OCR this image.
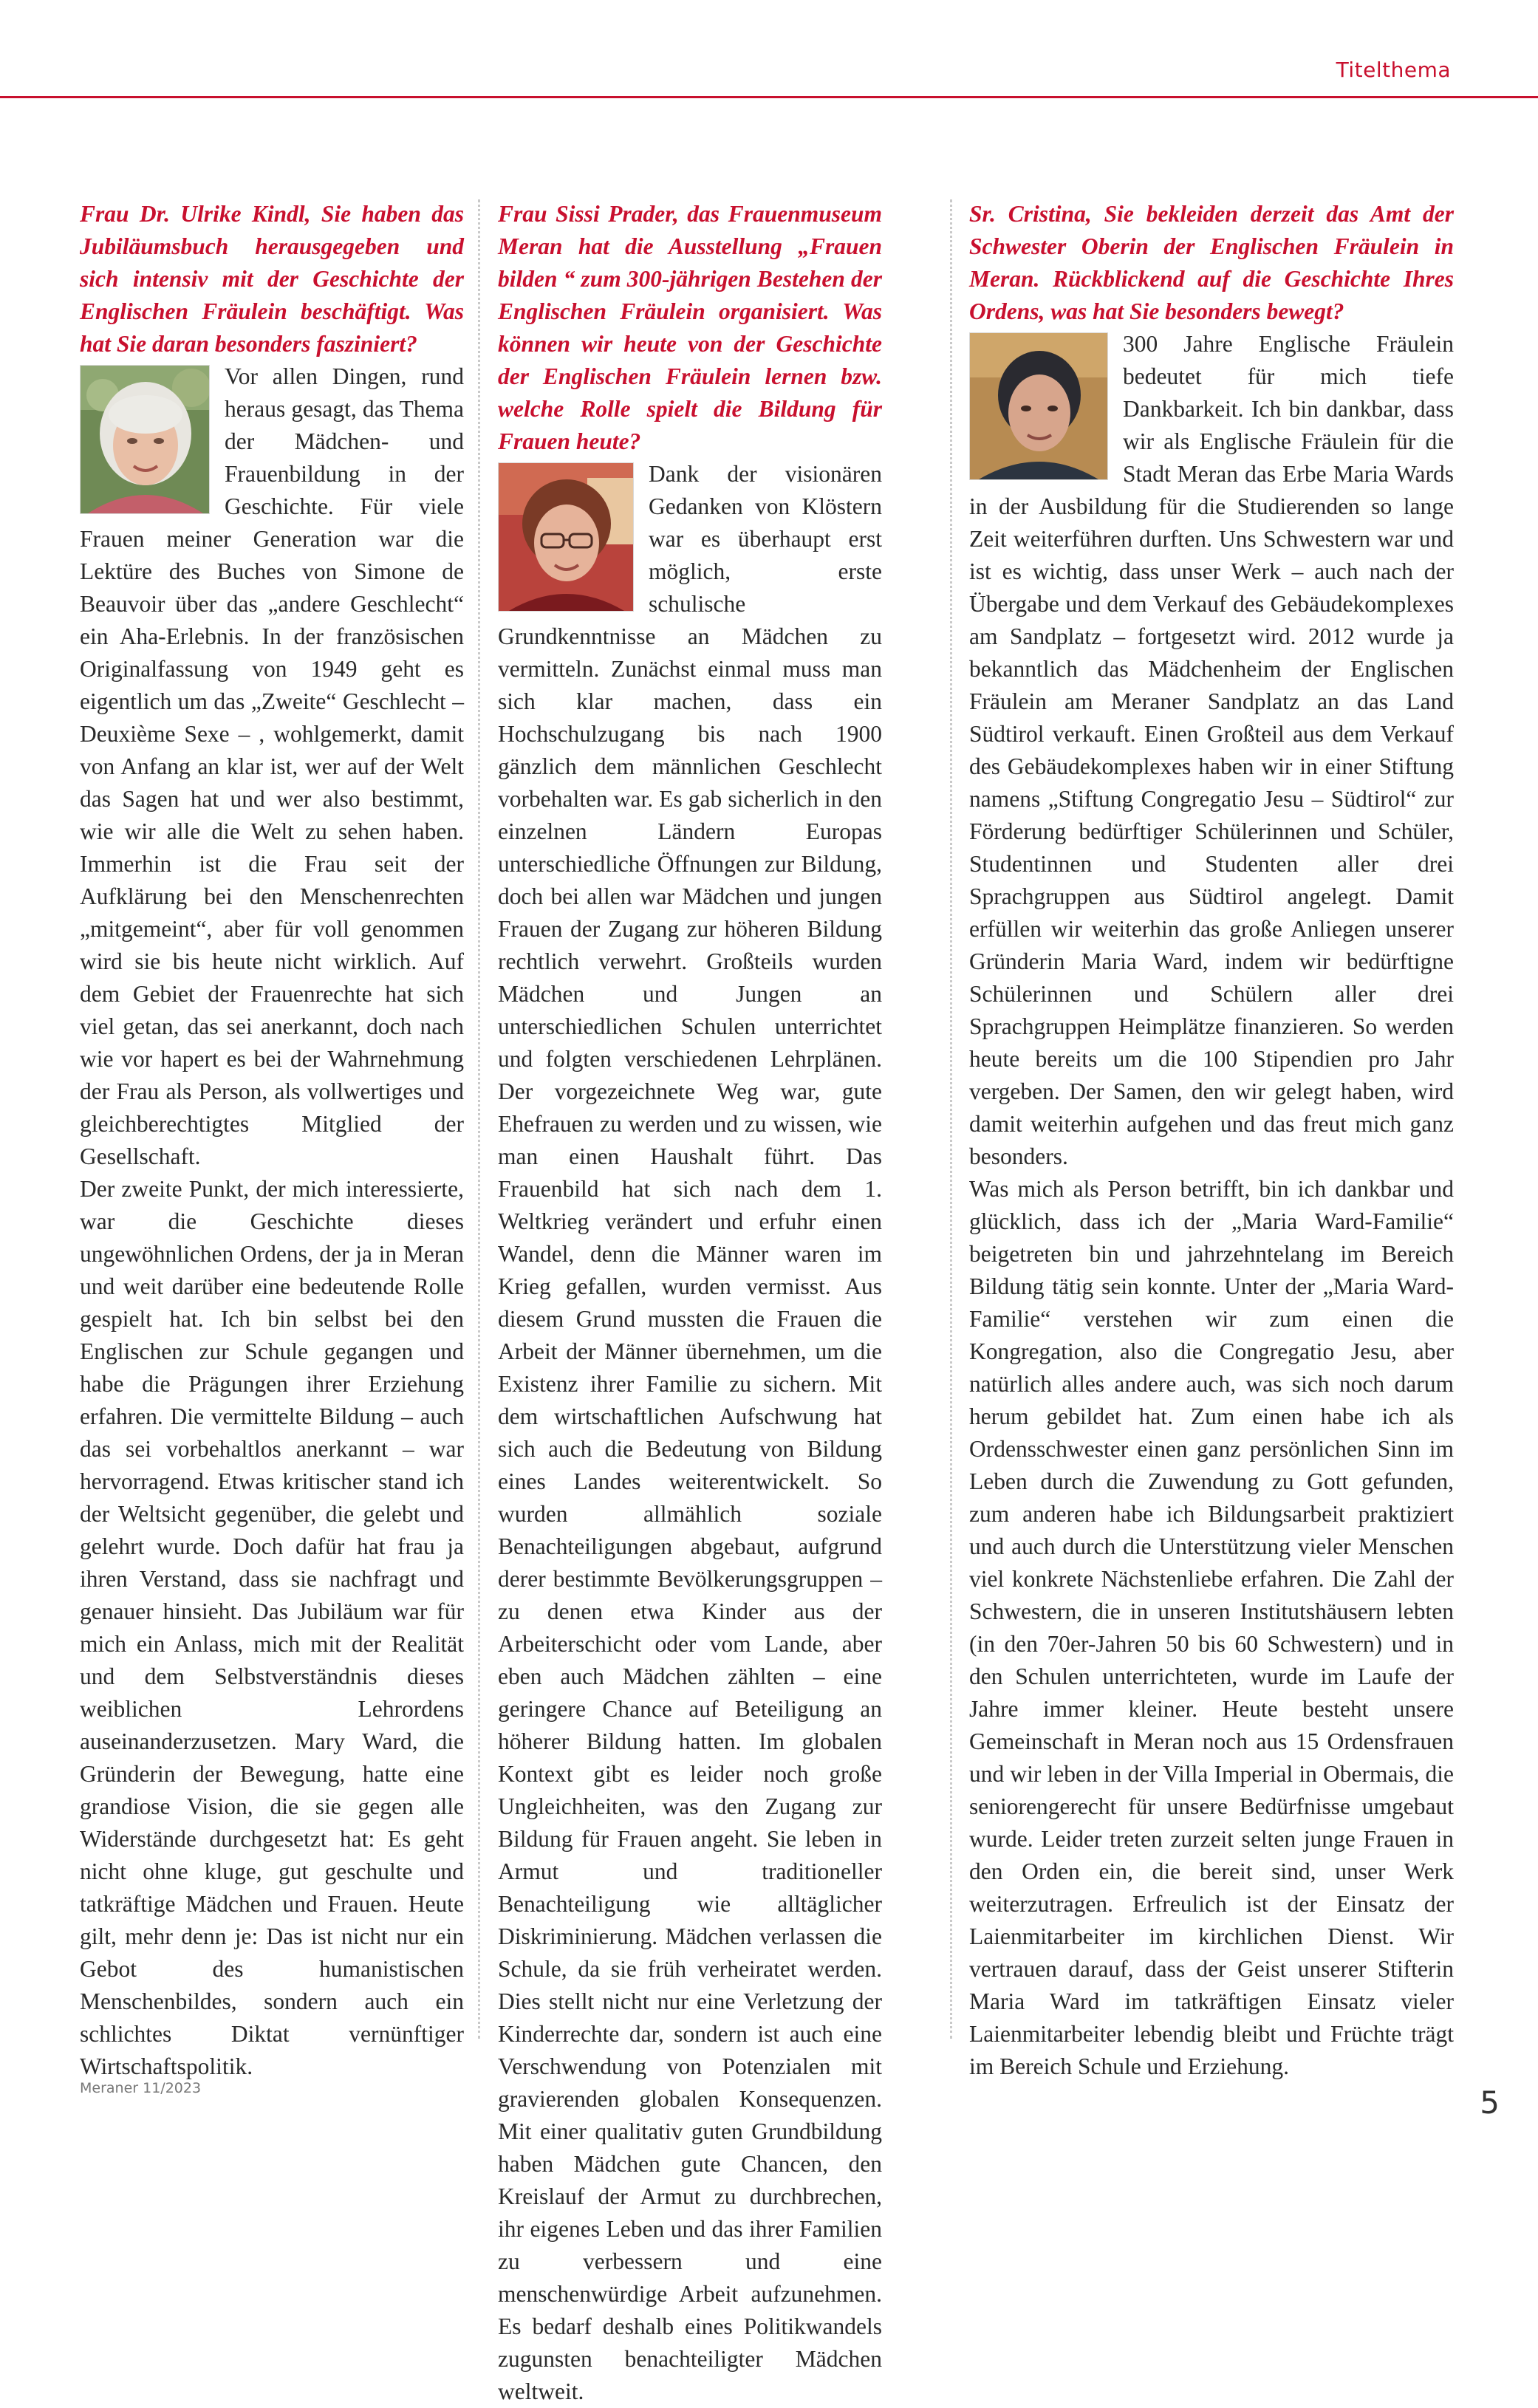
Titelthema

Frau Dr. Ulrike Kindl, Sie haben das Jubiläumsbuch herausgegeben und sich intensiv mit der Geschichte der Englischen Fräulein beschäftigt. Was hat Sie daran besonders fasziniert?

Vor allen Dingen, rund heraus gesagt, das Thema der Mädchen- und Frauenbildung in der Geschichte. Für viele Frauen meiner Generation war die Lektüre des Buches von Simone de Beauvoir über das „andere Geschlecht“ ein Aha-Erlebnis. In der französischen Originalfassung von 1949 geht es eigentlich um das „Zweite“ Geschlecht – Deuxième Sexe – , wohlgemerkt, damit von Anfang an klar ist, wer auf der Welt das Sagen hat und wer also bestimmt, wie wir alle die Welt zu sehen haben. Immerhin ist die Frau seit der Aufklärung bei den Menschenrechten „mitgemeint“, aber für voll genommen wird sie bis heute nicht wirklich. Auf dem Gebiet der Frauenrechte hat sich viel getan, das sei anerkannt, doch nach wie vor hapert es bei der Wahrnehmung der Frau als Person, als vollwertiges und gleichberechtigtes Mitglied der Gesellschaft.

Der zweite Punkt, der mich interessierte, war die Geschichte dieses ungewöhnlichen Ordens, der ja in Meran und weit darüber eine bedeutende Rolle gespielt hat. Ich bin selbst bei den Englischen zur Schule gegangen und habe die Prägungen ihrer Erziehung erfahren. Die vermittelte Bildung – auch das sei vorbehaltlos anerkannt – war hervorragend. Etwas kritischer stand ich der Weltsicht gegenüber, die gelebt und gelehrt wurde. Doch dafür hat frau ja ihren Verstand, dass sie nachfragt und genauer hinsieht. Das Jubiläum war für mich ein Anlass, mich mit der Realität und dem Selbstverständnis dieses weiblichen Lehrordens auseinanderzusetzen. Mary Ward, die Gründerin der Bewegung, hatte eine grandiose Vision, die sie gegen alle Widerstände durchgesetzt hat: Es geht nicht ohne kluge, gut geschulte und tatkräftige Mädchen und Frauen. Heute gilt, mehr denn je: Das ist nicht nur ein Gebot des humanistischen Menschenbildes, sondern auch ein schlichtes Diktat vernünftiger Wirtschaftspolitik.

Frau Sissi Prader, das Frauenmuseum Meran hat die Ausstellung „Frauen bilden “ zum 300-jährigen Bestehen der Englischen Fräulein organisiert. Was können wir heute von der Geschichte der Englischen Fräulein lernen bzw. welche Rolle spielt die Bildung für Frauen heute?

Dank der visionären Gedanken von Klöstern war es überhaupt erst möglich, erste schulische Grundkenntnisse an Mädchen zu vermitteln. Zunächst einmal muss man sich klar machen, dass ein Hochschulzugang bis nach 1900 gänzlich dem männlichen Geschlecht vorbehalten war. Es gab sicherlich in den einzelnen Ländern Europas unterschiedliche Öffnungen zur Bildung, doch bei allen war Mädchen und jungen Frauen der Zugang zur höheren Bildung rechtlich verwehrt. Großteils wurden Mädchen und Jungen an unterschiedlichen Schulen unterrichtet und folgten verschiedenen Lehrplänen. Der vorgezeichnete Weg war, gute Ehefrauen zu werden und zu wissen, wie man einen Haushalt führt. Das Frauenbild hat sich nach dem 1. Weltkrieg verändert und erfuhr einen Wandel, denn die Männer waren im Krieg gefallen, wurden vermisst. Aus diesem Grund mussten die Frauen die Arbeit der Männer übernehmen, um die Existenz ihrer Familie zu sichern. Mit dem wirtschaftlichen Aufschwung hat sich auch die Bedeutung von Bildung eines Landes weiterentwickelt. So wurden allmählich soziale Benachteiligungen abgebaut, aufgrund derer bestimmte Bevölkerungsgruppen – zu denen etwa Kinder aus der Arbeiterschicht oder vom Lande, aber eben auch Mädchen zählten – eine geringere Chance auf Beteiligung an höherer Bildung hatten. Im globalen Kontext gibt es leider noch große Ungleichheiten, was den Zugang zur Bildung für Frauen angeht. Sie leben in Armut und traditioneller Benachteiligung wie alltäglicher Diskriminierung. Mädchen verlassen die Schule, da sie früh verheiratet werden. Dies stellt nicht nur eine Verletzung der Kinderrechte dar, sondern ist auch eine Verschwendung von Potenzialen mit gravierenden globalen Konsequenzen. Mit einer qualitativ guten Grundbildung haben Mädchen gute Chancen, den Kreislauf der Armut zu durchbrechen, ihr eigenes Leben und das ihrer Familien zu verbessern und eine menschenwürdige Arbeit aufzunehmen. Es bedarf deshalb eines Politikwandels zugunsten benachteiligter Mädchen weltweit.

Sr. Cristina, Sie bekleiden derzeit das Amt der Schwester Oberin der Englischen Fräulein in Meran. Rückblickend auf die Geschichte Ihres Ordens, was hat Sie besonders bewegt?

300 Jahre Englische Fräulein bedeutet für mich tiefe Dankbarkeit. Ich bin dankbar, dass wir als Englische Fräulein für die Stadt Meran das Erbe Maria Wards in der Ausbildung für die Studierenden so lange Zeit weiterführen durften. Uns Schwestern war und ist es wichtig, dass unser Werk – auch nach der Übergabe und dem Verkauf des Gebäudekomplexes am Sandplatz – fortgesetzt wird. 2012 wurde ja bekanntlich das Mädchenheim der Englischen Fräulein am Meraner Sandplatz an das Land Südtirol verkauft. Einen Großteil aus dem Verkauf des Gebäudekomplexes haben wir in einer Stiftung namens „Stiftung Congregatio Jesu – Südtirol“ zur Förderung bedürftiger Schülerinnen und Schüler, Studentinnen und Studenten aller drei Sprachgruppen aus Südtirol angelegt. Damit erfüllen wir weiterhin das große Anliegen unserer Gründerin Maria Ward, indem wir bedürftigne Schülerinnen und Schülern aller drei Sprachgruppen Heimplätze finanzieren. So werden heute bereits um die 100 Stipendien pro Jahr vergeben. Der Samen, den wir gelegt haben, wird damit weiterhin aufgehen und das freut mich ganz besonders.

Was mich als Person betrifft, bin ich dankbar und glücklich, dass ich der „Maria Ward-Familie“ beigetreten bin und jahrzehntelang im Bereich Bildung tätig sein konnte. Unter der „Maria Ward-Familie“ verstehen wir zum einen die Kongregation, also die Congregatio Jesu, aber natürlich alles andere auch, was sich noch darum herum gebildet hat. Zum einen habe ich als Ordensschwester einen ganz persönlichen Sinn im Leben durch die Zuwendung zu Gott gefunden, zum anderen habe ich Bildungsarbeit praktiziert und auch durch die Unterstützung vieler Menschen viel konkrete Nächstenliebe erfahren. Die Zahl der Schwestern, die in unseren Institutshäusern lebten (in den 70er-Jahren 50 bis 60 Schwestern) und in den Schulen unterrichteten, wurde im Laufe der Jahre immer kleiner. Heute besteht unsere Gemeinschaft in Meran noch aus 15 Ordensfrauen und wir leben in der Villa Imperial in Obermais, die seniorengerecht für unsere Bedürfnisse umgebaut wurde. Leider treten zurzeit selten junge Frauen in den Orden ein, die bereit sind, unser Werk weiterzutragen. Erfreulich ist der Einsatz der Laienmitarbeiter im kirchlichen Dienst. Wir vertrauen darauf, dass der Geist unserer Stifterin Maria Ward im tatkräftigen Einsatz vieler Laienmitarbeiter lebendig bleibt und Früchte trägt im Bereich Schule und Erziehung.

Meraner 11/2023	5
